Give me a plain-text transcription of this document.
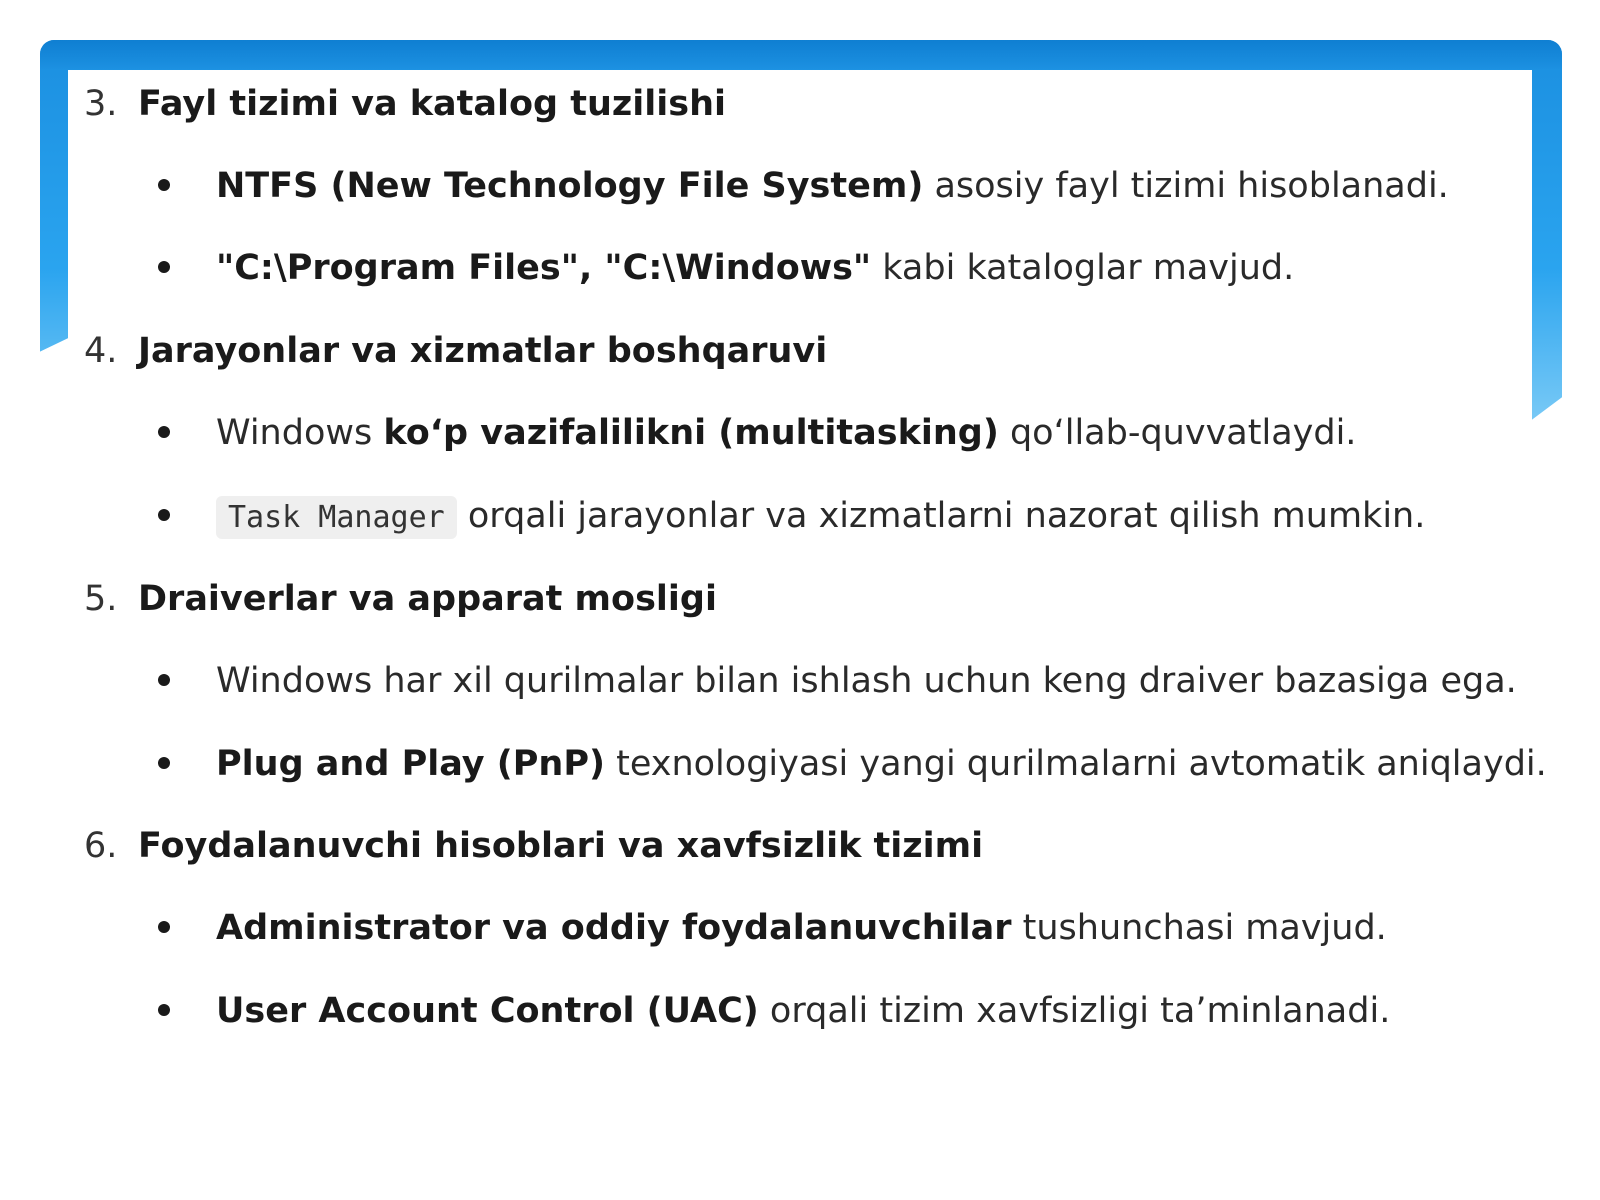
3. Fayl tizimi va katalog tuzilishi
NTFS (New Technology File System) asosiy fayl tizimi hisoblanadi.
"C:\Program Files", "C:\Windows" kabi kataloglar mavjud.
4. Jarayonlar va xizmatlar boshqaruvi
Windows ko‘p vazifalilikni (multitasking) qo‘llab-quvvatlaydi.
Task Manager orqali jarayonlar va xizmatlarni nazorat qilish mumkin.
5. Draiverlar va apparat mosligi
Windows har xil qurilmalar bilan ishlash uchun keng draiver bazasiga ega.
Plug and Play (PnP) texnologiyasi yangi qurilmalarni avtomatik aniqlaydi.
6. Foydalanuvchi hisoblari va xavfsizlik tizimi
Administrator va oddiy foydalanuvchilar tushunchasi mavjud.
User Account Control (UAC) orqali tizim xavfsizligi ta’minlanadi.
